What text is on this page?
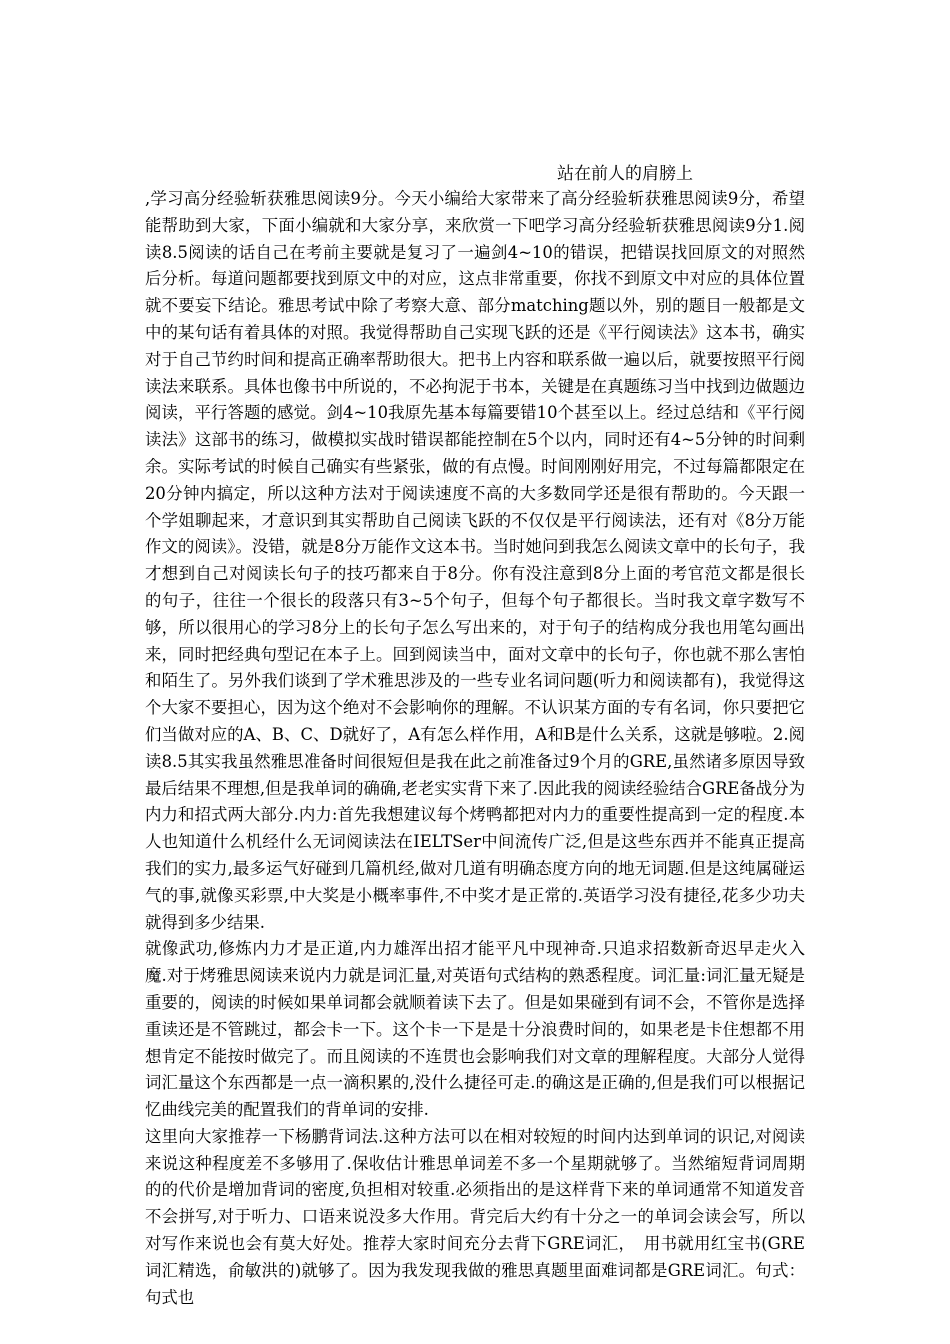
站在前人的肩膀上

,学习高分经验斩获雅思阅读9分。今天小编给大家带来了高分经验斩获雅思阅读9分，希望能帮助到大家，下面小编就和大家分享，来欣赏一下吧学习高分经验斩获雅思阅读9分1.阅读8.5阅读的话自己在考前主要就是复习了一遍剑4~10的错误，把错误找回原文的对照然后分析。每道问题都要找到原文中的对应，这点非常重要，你找不到原文中对应的具体位置就不要妄下结论。雅思考试中除了考察大意、部分matching题以外，别的题目一般都是文中的某句话有着具体的对照。我觉得帮助自己实现飞跃的还是《平行阅读法》这本书，确实对于自己节约时间和提高正确率帮助很大。把书上内容和联系做一遍以后，就要按照平行阅读法来联系。具体也像书中所说的，不必拘泥于书本，关键是在真题练习当中找到边做题边阅读，平行答题的感觉。剑4~10我原先基本每篇要错10个甚至以上。经过总结和《平行阅读法》这部书的练习，做模拟实战时错误都能控制在5个以内，同时还有4~5分钟的时间剩余。实际考试的时候自己确实有些紧张，做的有点慢。时间刚刚好用完，不过每篇都限定在20分钟内搞定，所以这种方法对于阅读速度不高的大多数同学还是很有帮助的。今天跟一个学姐聊起来，才意识到其实帮助自己阅读飞跃的不仅仅是平行阅读法，还有对《8分万能作文的阅读》。没错，就是8分万能作文这本书。当时她问到我怎么阅读文章中的长句子，我才想到自己对阅读长句子的技巧都来自于8分。你有没注意到8分上面的考官范文都是很长的句子，往往一个很长的段落只有3~5个句子，但每个句子都很长。当时我文章字数写不够，所以很用心的学习8分上的长句子怎么写出来的，对于句子的结构成分我也用笔勾画出来，同时把经典句型记在本子上。回到阅读当中，面对文章中的长句子，你也就不那么害怕和陌生了。另外我们谈到了学术雅思涉及的一些专业名词问题(听力和阅读都有)，我觉得这个大家不要担心，因为这个绝对不会影响你的理解。不认识某方面的专有名词，你只要把它们当做对应的A、B、C、D就好了，A有怎么样作用，A和B是什么关系，这就是够啦。2.阅读8.5其实我虽然雅思准备时间很短但是我在此之前准备过9个月的GRE,虽然诸多原因导致最后结果不理想,但是我单词的确确,老老实实背下来了.因此我的阅读经验结合GRE备战分为内力和招式两大部分.内力:首先我想建议每个烤鸭都把对内力的重要性提高到一定的程度.本人也知道什么机经什么无词阅读法在IELTSer中间流传广泛,但是这些东西并不能真正提高我们的实力,最多运气好碰到几篇机经,做对几道有明确态度方向的地无词题.但是这纯属碰运气的事,就像买彩票,中大奖是小概率事件,不中奖才是正常的.英语学习没有捷径,花多少功夫就得到多少结果.

就像武功,修炼内力才是正道,内力雄浑出招才能平凡中现神奇.只追求招数新奇迟早走火入魔.对于烤雅思阅读来说内力就是词汇量,对英语句式结构的熟悉程度。词汇量:词汇量无疑是重要的，阅读的时候如果单词都会就顺着读下去了。但是如果碰到有词不会，不管你是选择重读还是不管跳过，都会卡一下。这个卡一下是是十分浪费时间的，如果老是卡住想都不用想肯定不能按时做完了。而且阅读的不连贯也会影响我们对文章的理解程度。大部分人觉得词汇量这个东西都是一点一滴积累的,没什么捷径可走.的确这是正确的,但是我们可以根据记忆曲线完美的配置我们的背单词的安排.

这里向大家推荐一下杨鹏背词法.这种方法可以在相对较短的时间内达到单词的识记,对阅读来说这种程度差不多够用了.保收估计雅思单词差不多一个星期就够了。当然缩短背词周期的的代价是增加背词的密度,负担相对较重.必须指出的是这样背下来的单词通常不知道发音不会拼写,对于听力、口语来说没多大作用。背完后大约有十分之一的单词会读会写，所以对写作来说也会有莫大好处。推荐大家时间充分去背下GRE词汇，　用书就用红宝书(GRE词汇精选，俞敏洪的)就够了。因为我发现我做的雅思真题里面难词都是GRE词汇。句式：句式也
